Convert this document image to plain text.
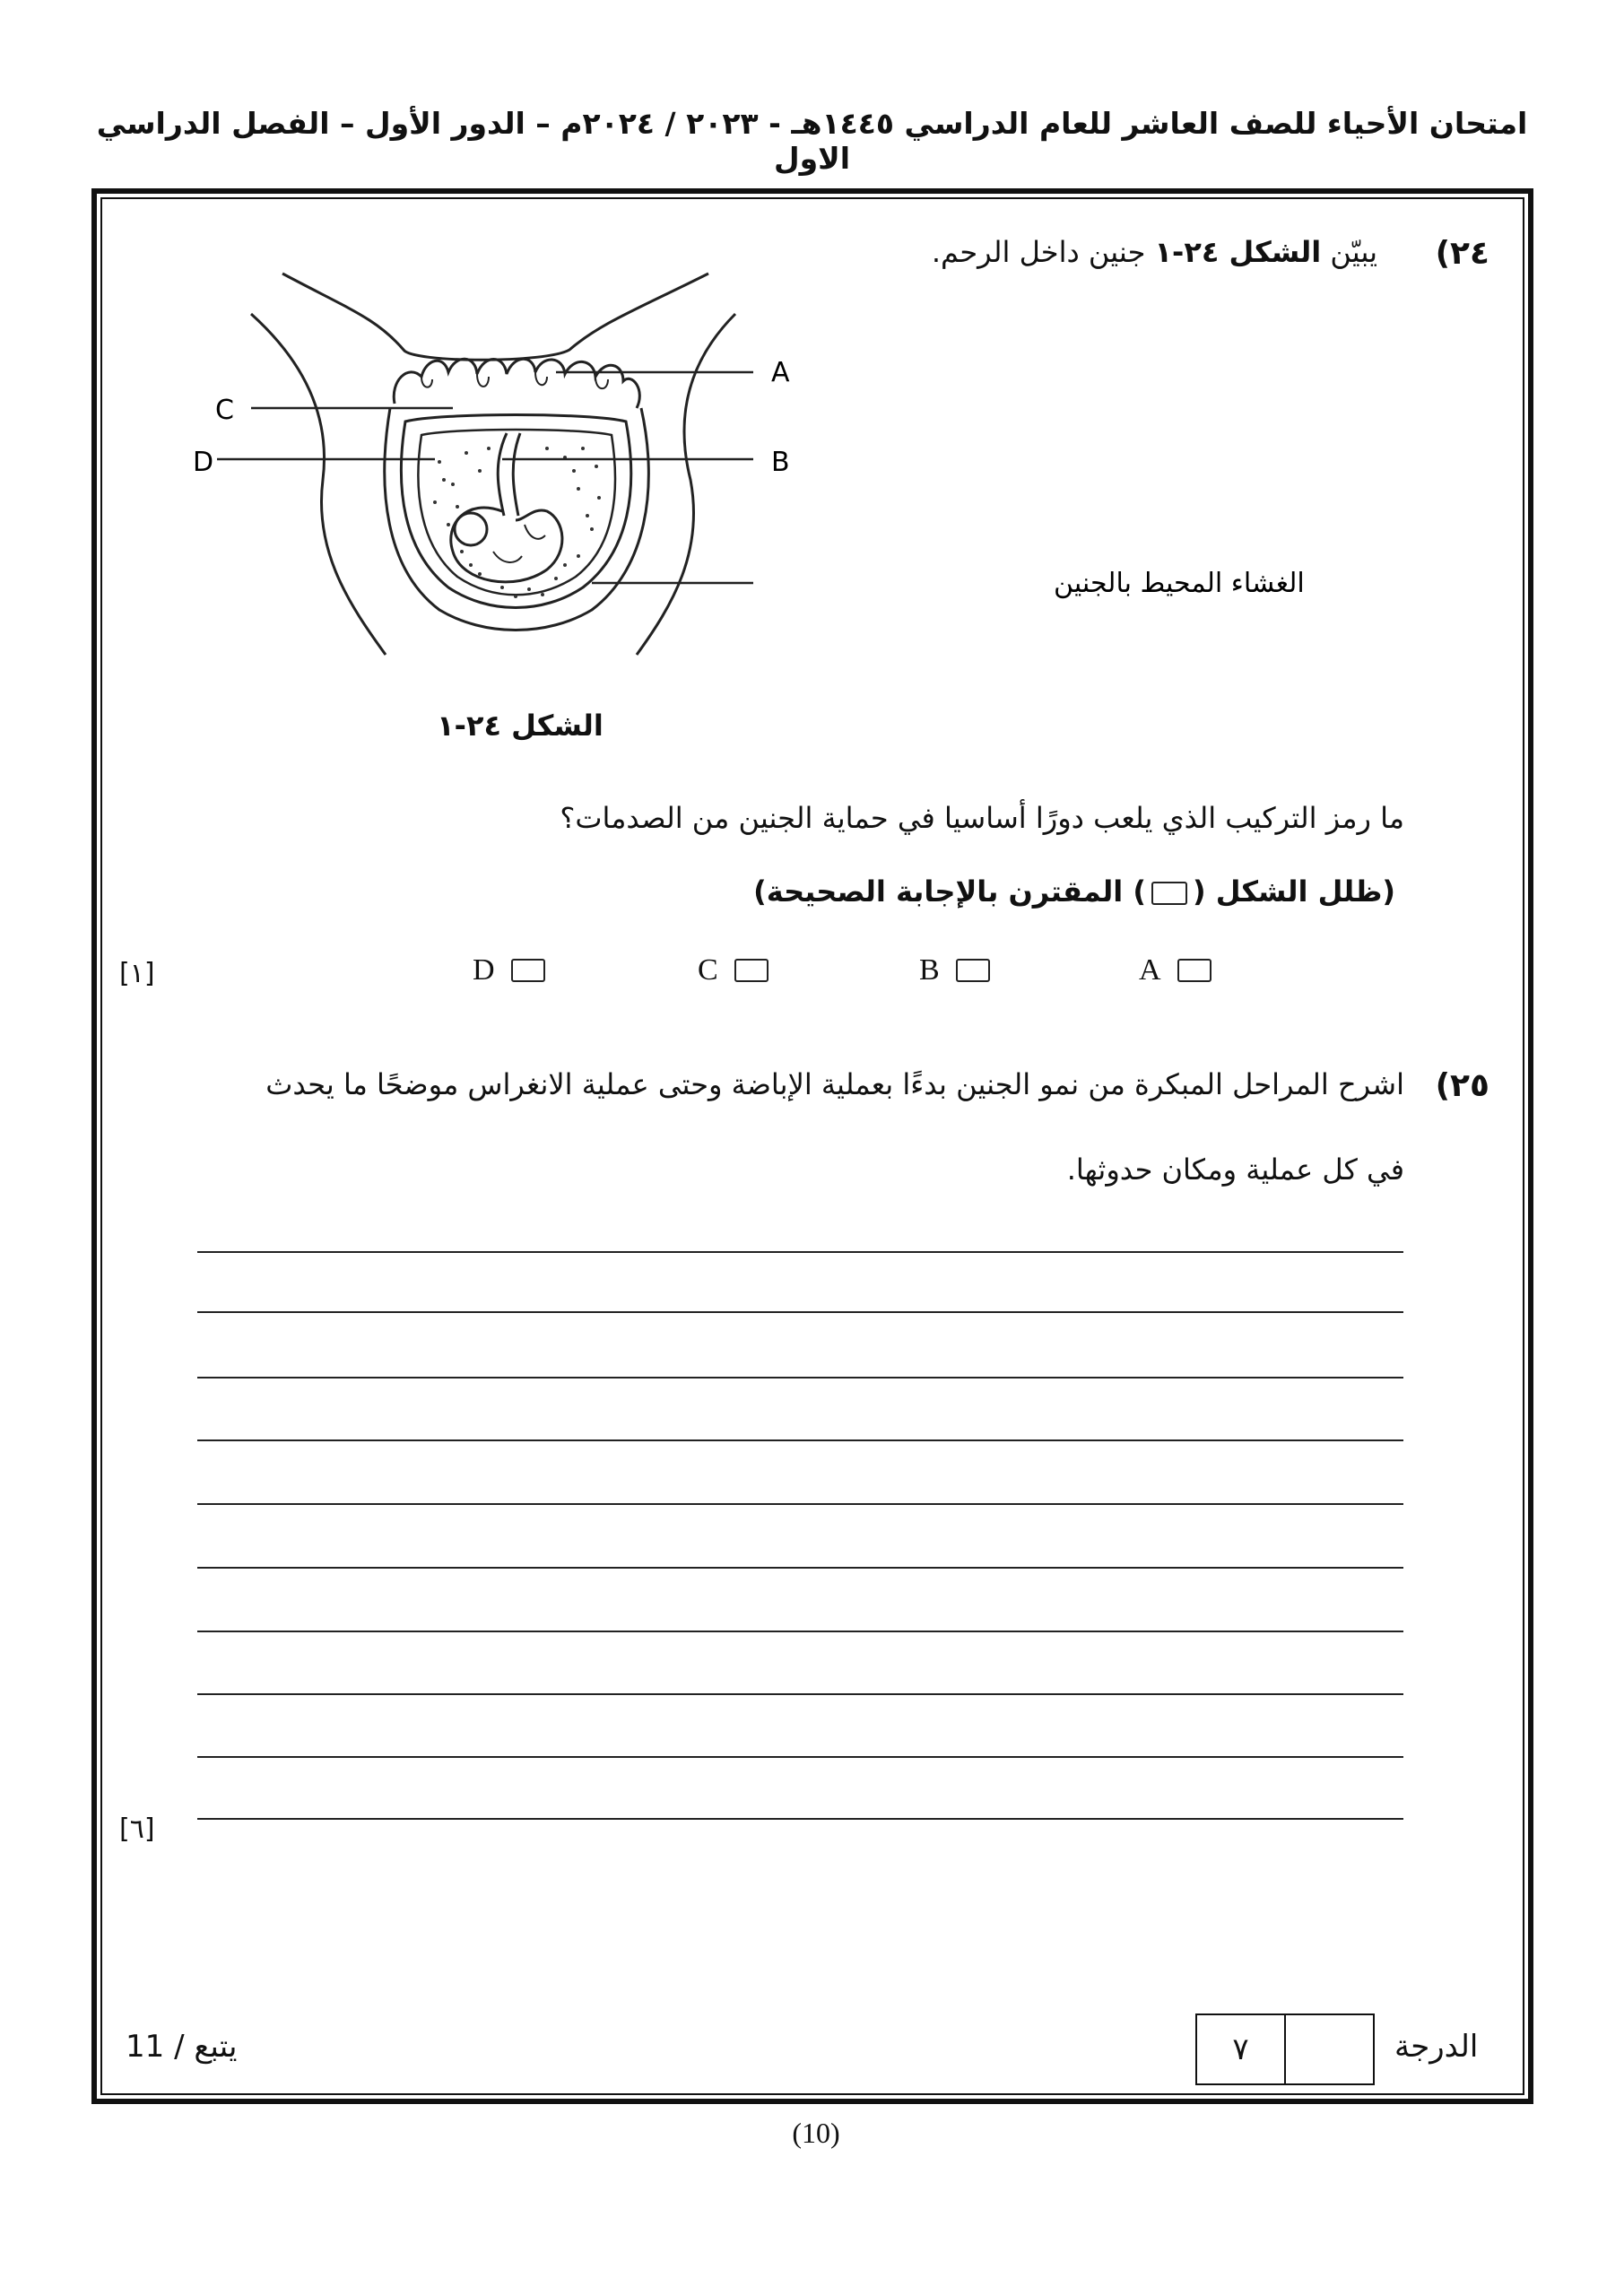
امتحان الأحياء للصف العاشر للعام الدراسي ١٤٤٥هـ - ٢٠٢٣ / ٢٠٢٤م – الدور الأول – الفصل الدراسي الاول
٢٤)
يبيّن الشكل ٢٤-١ جنين داخل الرحم.
C
D
A
B
الغشاء المحيط بالجنين
الشكل ٢٤-١
ما رمز التركيب الذي يلعب دورًا أساسيا في حماية الجنين من الصدمات؟
(ظلل الشكل () المقترن بالإجابة الصحيحة)
A
B
C
D
[١]
٢٥)
اشرح المراحل المبكرة من نمو الجنين بدءًا بعملية الإباضة وحتى عملية الانغراس موضحًا ما يحدث
في كل عملية ومكان حدوثها.
[٦]
يتبع / 11	٧	الدرجة
(10)
